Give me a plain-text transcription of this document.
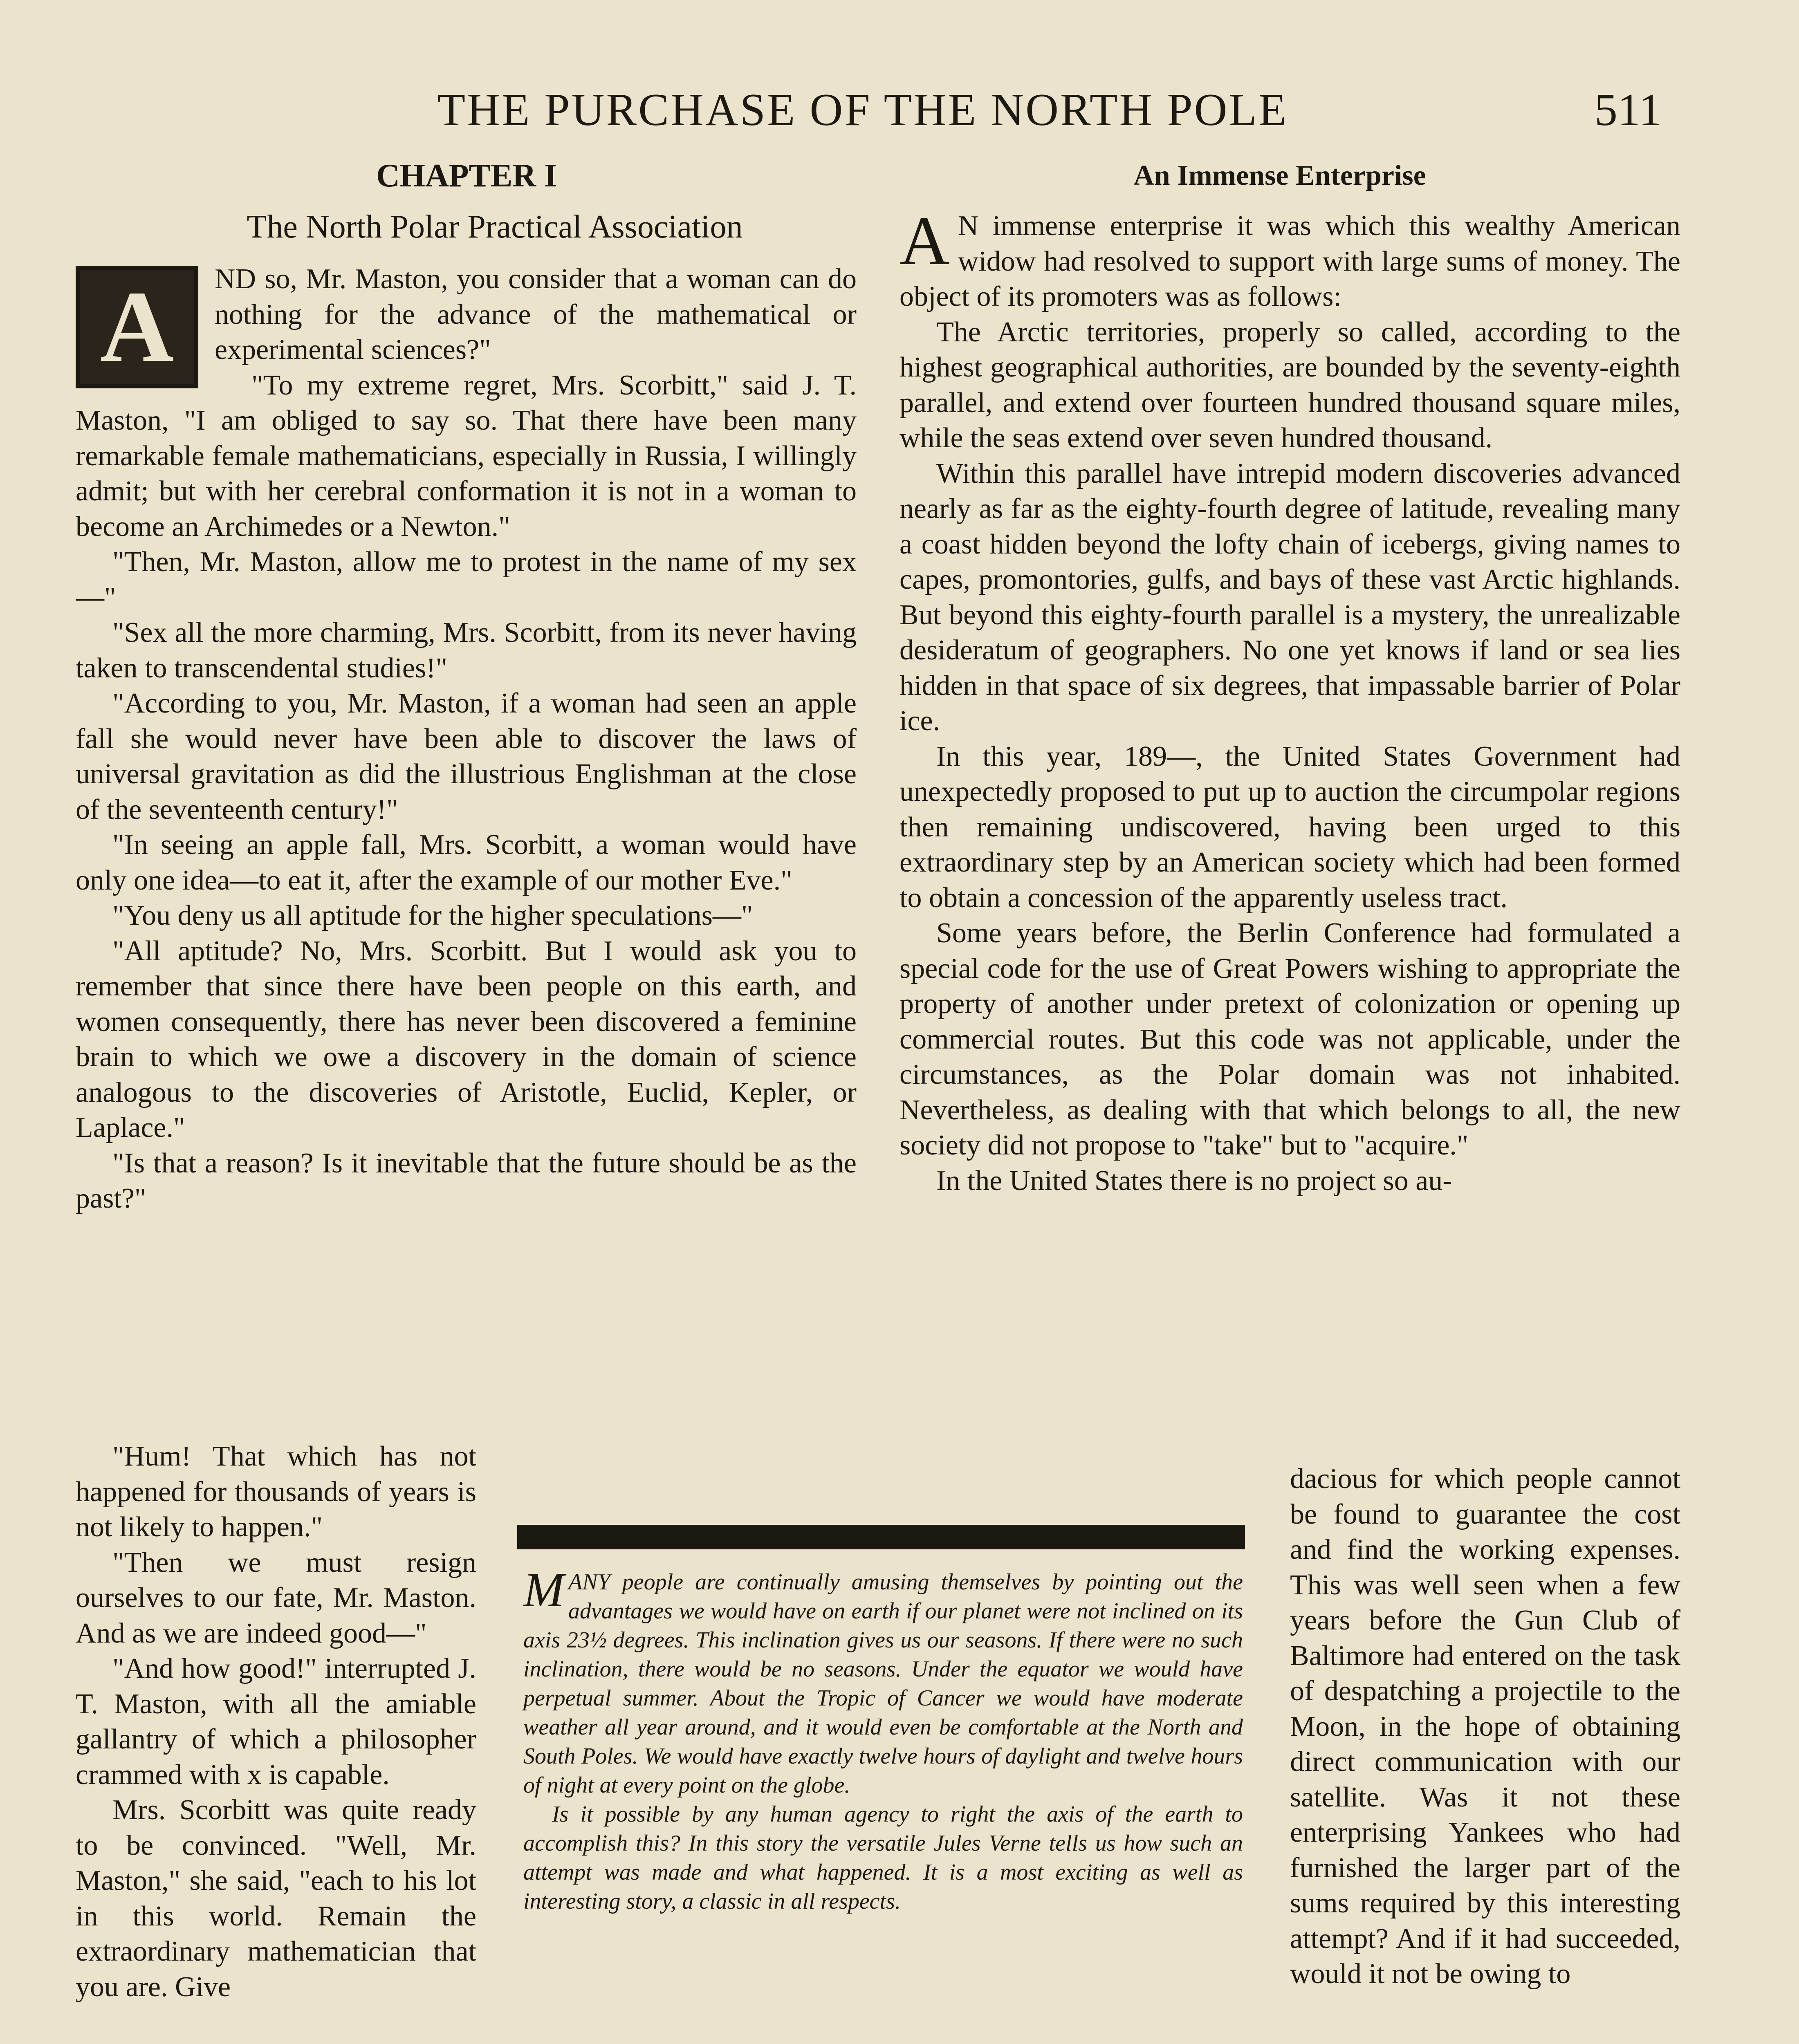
THE PURCHASE OF THE NORTH POLE	511
CHAPTER I
The North Polar Practical Association
An Immense Enterprise

A	ND so, Mr. Maston, you consider that a woman can do nothing for the advance of the mathematical or experimental sciences?"

"To my extreme regret, Mrs. Scorbitt," said J. T. Maston, "I am obliged to say so. That there have been many remarkable female mathematicians, especially in Russia, I willingly admit; but with her cerebral conformation it is not in a woman to become an Archimedes or a Newton."

"Then, Mr. Maston, allow me to protest in the name of my sex—"

"Sex all the more charming, Mrs. Scorbitt, from its never having taken to transcendental studies!"

"According to you, Mr. Maston, if a woman had seen an apple fall she would never have been able to discover the laws of universal gravitation as did the illustrious Englishman at the close of the seventeenth century!"

"In seeing an apple fall, Mrs. Scorbitt, a woman would have only one idea—to eat it, after the example of our mother Eve."

"You deny us all aptitude for the higher speculations—"

"All aptitude? No, Mrs. Scorbitt. But I would ask you to remember that since there have been people on this earth, and women consequently, there has never been discovered a feminine brain to which we owe a discovery in the domain of science analogous to the discoveries of Aristotle, Euclid, Kepler, or Laplace."

"Is that a reason? Is it inevitable that the future should be as the past?"

"Hum! That which has not happened for thousands of years is not likely to happen."

"Then we must resign ourselves to our fate, Mr. Maston. And as we are indeed good—"

"And how good!" interrupted J. T. Maston, with all the amiable gallantry of which a philosopher crammed with x is capable.

Mrs. Scorbitt was quite ready to be convinced. "Well, Mr. Maston," she said, "each to his lot in this world. Remain the extraordinary mathematician that you are. Give

A N immense enterprise it was which this wealthy American widow had resolved to support with large sums of money. The object of its promoters was as follows:

The Arctic territories, properly so called, according to the highest geographical authorities, are bounded by the seventy-eighth parallel, and extend over fourteen hundred thousand square miles, while the seas extend over seven hundred thousand.

Within this parallel have intrepid modern discoveries advanced nearly as far as the eighty-fourth degree of latitude, revealing many a coast hidden beyond the lofty chain of icebergs, giving names to capes, promontories, gulfs, and bays of these vast Arctic highlands. But beyond this eighty-fourth parallel is a mystery, the unrealizable desideratum of geographers. No one yet knows if land or sea lies hidden in that space of six degrees, that impassable barrier of Polar ice.

In this year, 189—, the United States Government had unexpectedly proposed to put up to auction the circumpolar regions then remaining undiscovered, having been urged to this extraordinary step by an American society which had been formed to obtain a concession of the apparently useless tract.

Some years before, the Berlin Conference had formulated a special code for the use of Great Powers wishing to appropriate the property of another under pretext of colonization or opening up commercial routes. But this code was not applicable, under the circumstances, as the Polar domain was not inhabited. Nevertheless, as dealing with that which belongs to all, the new society did not propose to "take" but to "acquire."

In the United States there is no project so au-

dacious for which people cannot be found to guarantee the cost and find the working expenses. This was well seen when a few years before the Gun Club of Baltimore had entered on the task of despatching a projectile to the Moon, in the hope of obtaining direct communication with our satellite. Was it not these enterprising Yankees who had furnished the larger part of the sums required by this interesting attempt? And if it had succeeded, would it not be owing to

MANY people are continually amusing themselves by pointing out the advantages we would have on earth if our planet were not inclined on its axis 23½ degrees. This inclination gives us our seasons. If there were no such inclination, there would be no seasons. Under the equator we would have perpetual summer. About the Tropic of Cancer we would have moderate weather all year around, and it would even be comfortable at the North and South Poles. We would have exactly twelve hours of daylight and twelve hours of night at every point on the globe.

Is it possible by any human agency to right the axis of the earth to accomplish this? In this story the versatile Jules Verne tells us how such an attempt was made and what happened. It is a most exciting as well as interesting story, a classic in all respects.
